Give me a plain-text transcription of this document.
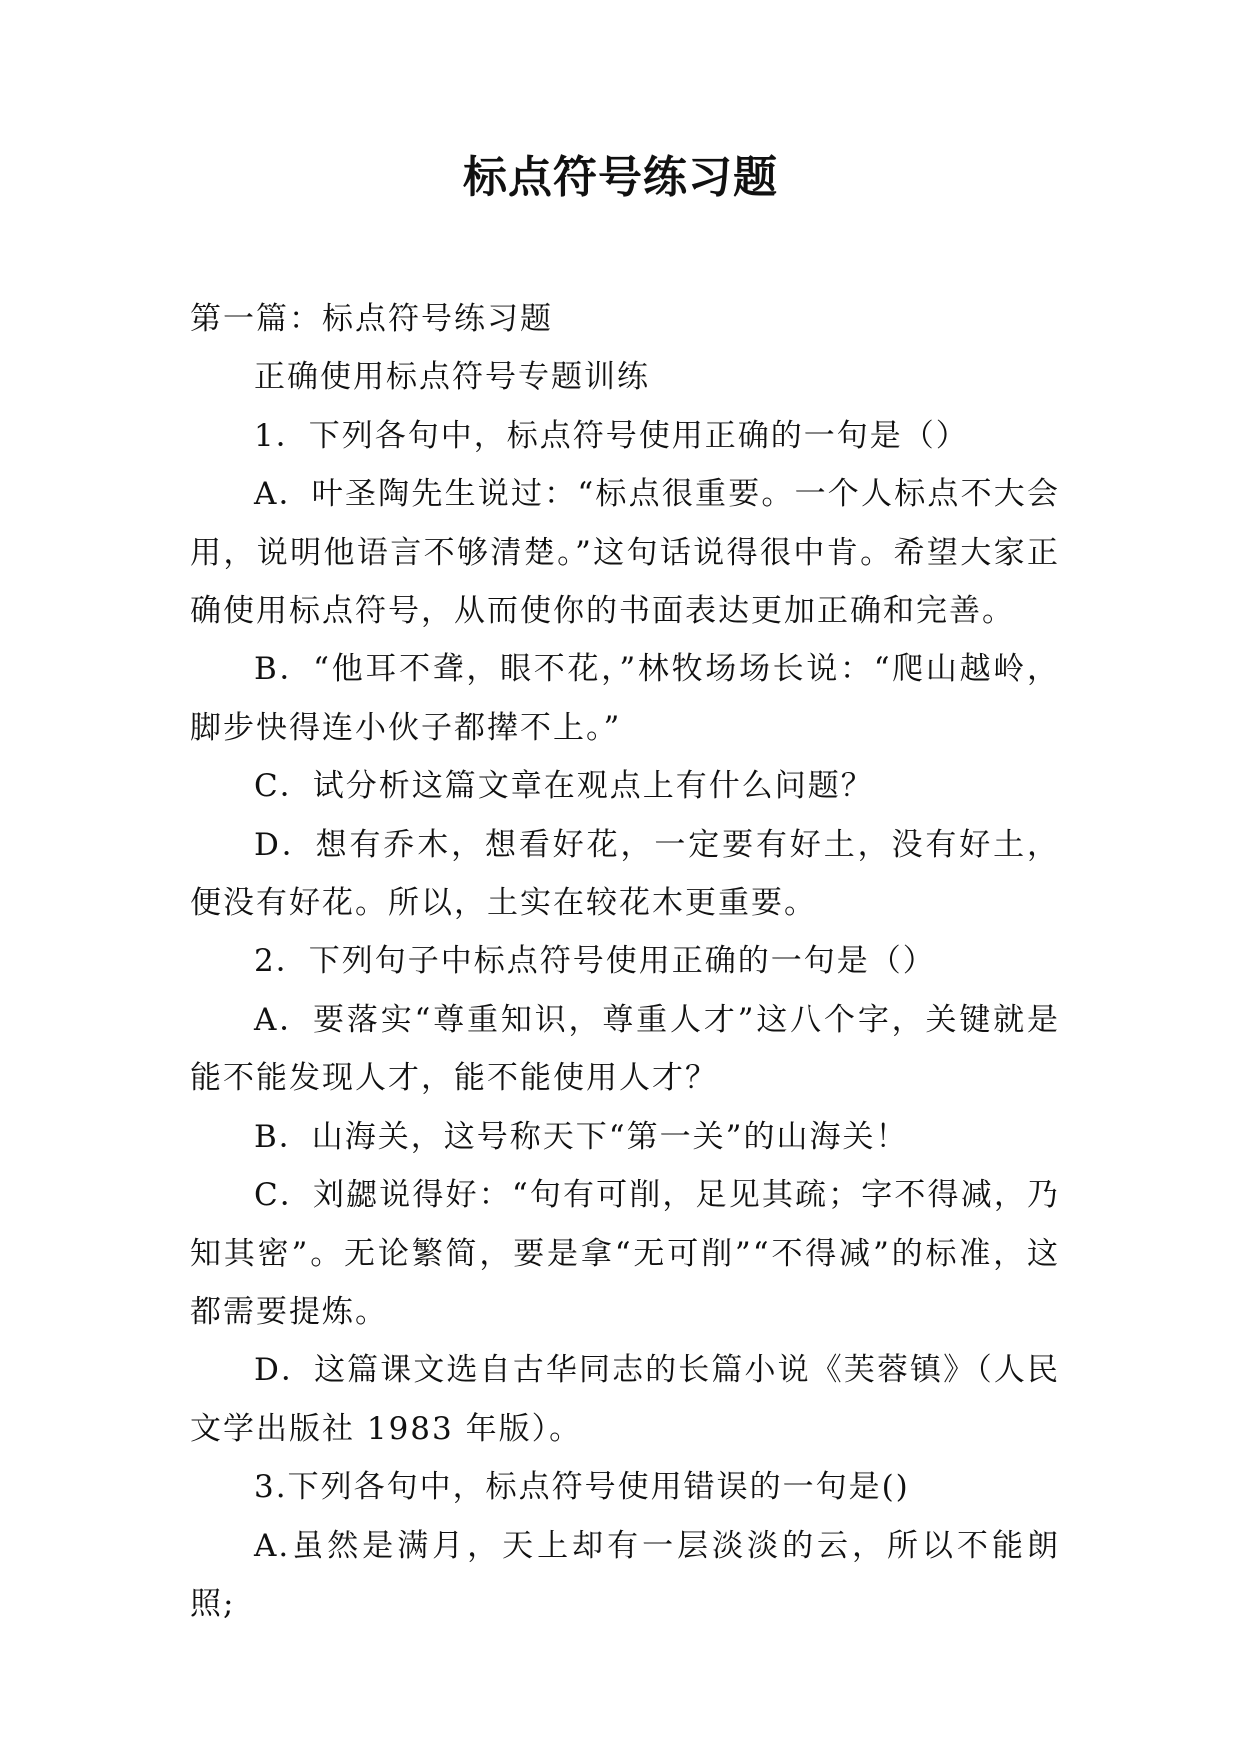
标点符号练习题

第一篇：标点符号练习题

正确使用标点符号专题训练

1．下列各句中，标点符号使用正确的一句是（）

A．叶圣陶先生说过：“标点很重要。一个人标点不大会用，说明他语言不够清楚。”这句话说得很中肯。希望大家正确使用标点符号，从而使你的书面表达更加正确和完善。

B．“他耳不聋，眼不花，”林牧场场长说：“爬山越岭，脚步快得连小伙子都撵不上。”

C．试分析这篇文章在观点上有什么问题？

D．想有乔木，想看好花，一定要有好土，没有好土，便没有好花。所以，土实在较花木更重要。

2．下列句子中标点符号使用正确的一句是（）

A．要落实“尊重知识，尊重人才”这八个字，关键就是能不能发现人才，能不能使用人才？

B．山海关，这号称天下“第一关”的山海关！

C．刘勰说得好：“句有可削，足见其疏；字不得减，乃知其密”。无论繁简，要是拿“无可削”“不得减”的标准，这都需要提炼。

D．这篇课文选自古华同志的长篇小说《芙蓉镇》（人民文学出版社 1983 年版）。

3.下列各句中，标点符号使用错误的一句是()

A.虽然是满月，天上却有一层淡淡的云，所以不能朗照;
